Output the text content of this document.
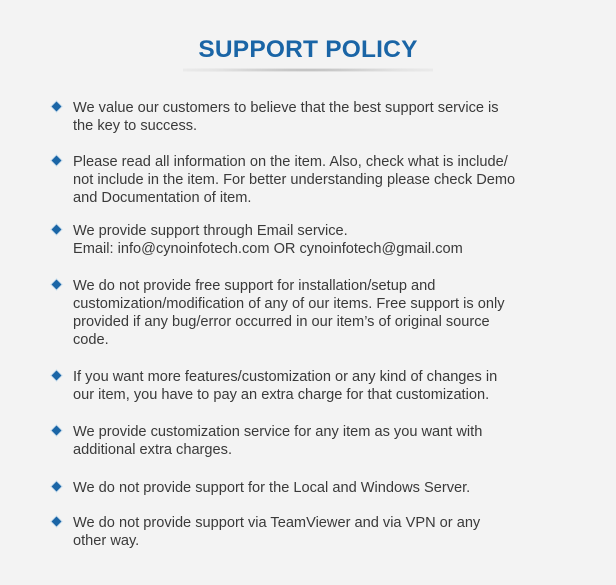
SUPPORT POLICY
We value our customers to believe that the best support service is
the key to success.
Please read all information on the item. Also, check what is include/
not include in the item. For better understanding please check Demo
and Documentation of item.
We provide support through Email service.
Email: info@cynoinfotech.com OR cynoinfotech@gmail.com
We do not provide free support for installation/setup and
customization/modification of any of our items. Free support is only
provided if any bug/error occurred in our item’s of original source
code.
If you want more features/customization or any kind of changes in
our item, you have to pay an extra charge for that customization.
We provide customization service for any item as you want with
additional extra charges.
We do not provide support for the Local and Windows Server.
We do not provide support via TeamViewer and via VPN or any
other way.
